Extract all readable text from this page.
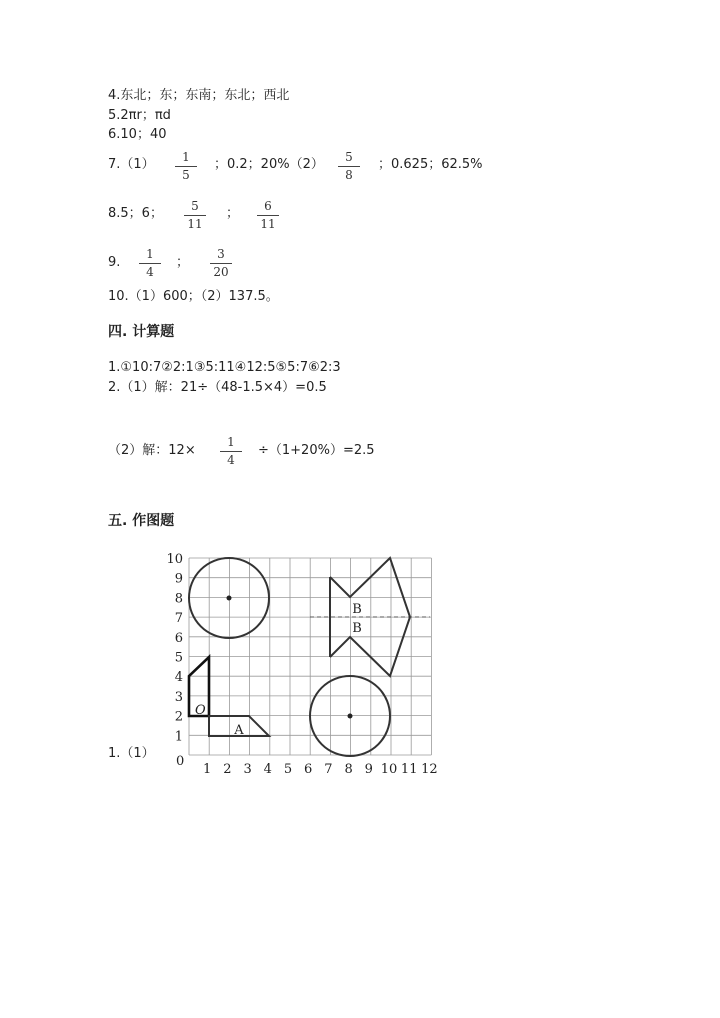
4.东北；东；东南；东北；西北
5.2πr；πd
6.10；40
7.（1）	1
5
；0.2；20%（2）	5
8
；0.625；62.5%
8.5；6；	5
11
；	6
11
9.
1
4
；
3
20
10.（1）600；（2）137.5。
四. 计算题
1.①10:7②2:1③5:11④12:5⑤5:7⑥2:3
2.（1）解：21÷（48-1.5×4）=0.5
（2）解：12×
1
4
÷（1+20%）=2.5
五. 作图题
1.（1）
1 2 3 4 5 6 7 8 9 10 11 12
1
2
3
4
5
6
7
8
9
10
0
B
B
O
A
